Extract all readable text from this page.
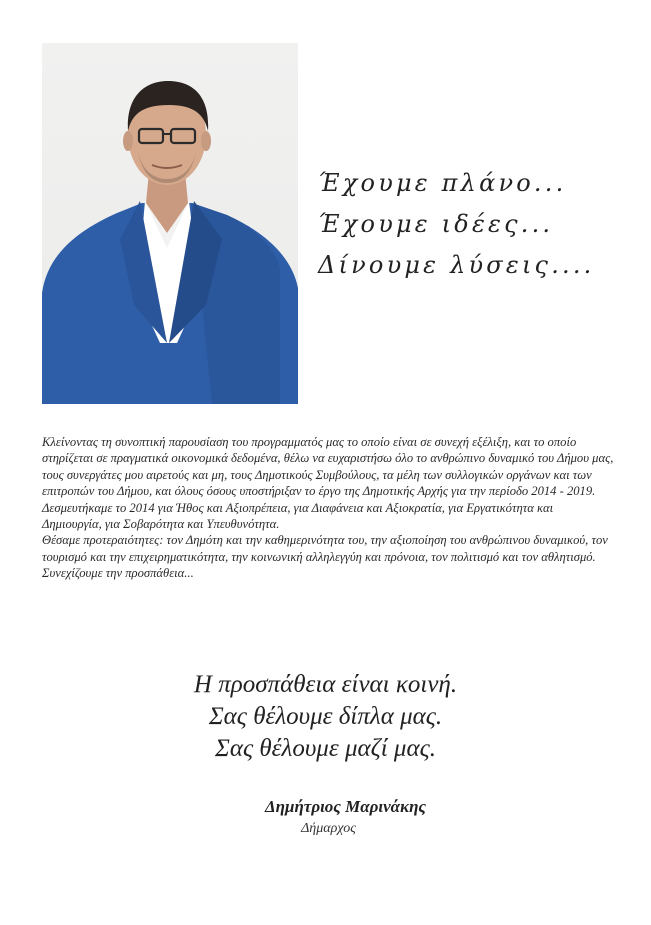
Έχουμε πλάνο...
Έχουμε ιδέες...
Δίνουμε λύσεις....

Κλείνοντας τη συνοπτική παρουσίαση του προγραμματός μας το οποίο είναι σε συνεχή εξέλιξη, και το οποίο στηρίζεται σε πραγματικά οικονομικά δεδομένα, θέλω να ευχαριστήσω όλο το ανθρώπινο δυναμικό του Δήμου μας, τους συνεργάτες μου αιρετούς και μη, τους Δημοτικούς Συμβούλους, τα μέλη των συλλογικών οργάνων και των επιτροπών του Δήμου, και όλους όσους υποστήριξαν το έργο της Δημοτικής Αρχής για την περίοδο 2014 - 2019.

Δεσμευτήκαμε το 2014 για Ήθος και Αξιοπρέπεια, για Διαφάνεια και Αξιοκρατία, για Εργατικότητα και Δημιουργία, για Σοβαρότητα και Υπευθυνότητα.

Θέσαμε προτεραιότητες: τον Δημότη και την καθημερινότητα του, την αξιοποίηση του ανθρώπινου δυναμικού, τον τουρισμό και την επιχειρηματικότητα, την κοινωνική αλληλεγγύη και πρόνοια, τον πολιτισμό και τον αθλητισμό.

Συνεχίζουμε την προσπάθεια...

Η προσπάθεια είναι κοινή.
Σας θέλουμε δίπλα μας.
Σας θέλουμε μαζί μας.
Δημήτριος Μαρινάκης
Δήμαρχος
